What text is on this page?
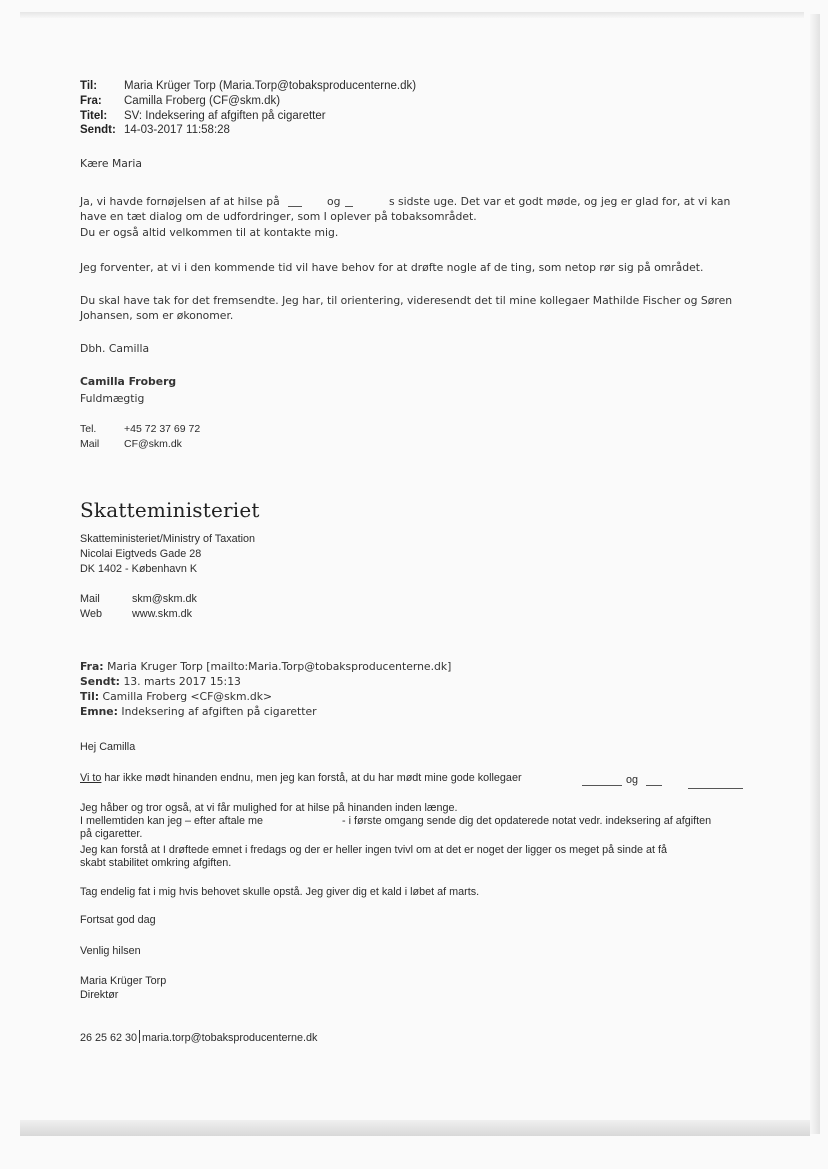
Til: Maria Krüger Torp (Maria.Torp@tobaksproducenterne.dk)
Fra: Camilla Froberg (CF@skm.dk)
Titel: SV: Indeksering af afgiften på cigaretter
Sendt: 14-03-2017 11:58:28
Kære Maria
Ja, vi havde fornøjelsen af at hilse på	og	s sidste uge. Det var et godt møde, og jeg er glad for, at vi kan
have en tæt dialog om de udfordringer, som I oplever på tobaksområdet.
Du er også altid velkommen til at kontakte mig.
Jeg forventer, at vi i den kommende tid vil have behov for at drøfte nogle af de ting, som netop rør sig på området.
Du skal have tak for det fremsendte. Jeg har, til orientering, videresendt det til mine kollegaer Mathilde Fischer og Søren
Johansen, som er økonomer.
Dbh. Camilla
Camilla Froberg
Fuldmægtig
Tel.	+45 72 37 69 72
Mail CF@skm.dk
Skatteministeriet
Skatteministeriet/Ministry of Taxation
Nicolai Eigtveds Gade 28
DK 1402 - København K
Mail	skm@skm.dk
Web	www.skm.dk
Fra: Maria Kruger Torp [mailto:Maria.Torp@tobaksproducenterne.dk]
Sendt: 13. marts 2017 15:13
Til: Camilla Froberg <CF@skm.dk>
Emne: Indeksering af afgiften på cigaretter
Hej Camilla
Vi to har ikke mødt hinanden endnu, men jeg kan forstå, at du har mødt mine gode kollegaer	og
Jeg håber og tror også, at vi får mulighed for at hilse på hinanden inden længe.
I mellemtiden kan jeg – efter aftale me	- i første omgang sende dig det opdaterede notat vedr. indeksering af afgiften
på cigaretter.
Jeg kan forstå at I drøftede emnet i fredags og der er heller ingen tvivl om at det er noget der ligger os meget på sinde at få
skabt stabilitet omkring afgiften.
Tag endelig fat i mig hvis behovet skulle opstå. Jeg giver dig et kald i løbet af marts.
Fortsat god dag
Venlig hilsen
Maria Krüger Torp
Direktør
26 25 62 30 maria.torp@tobaksproducenterne.dk
